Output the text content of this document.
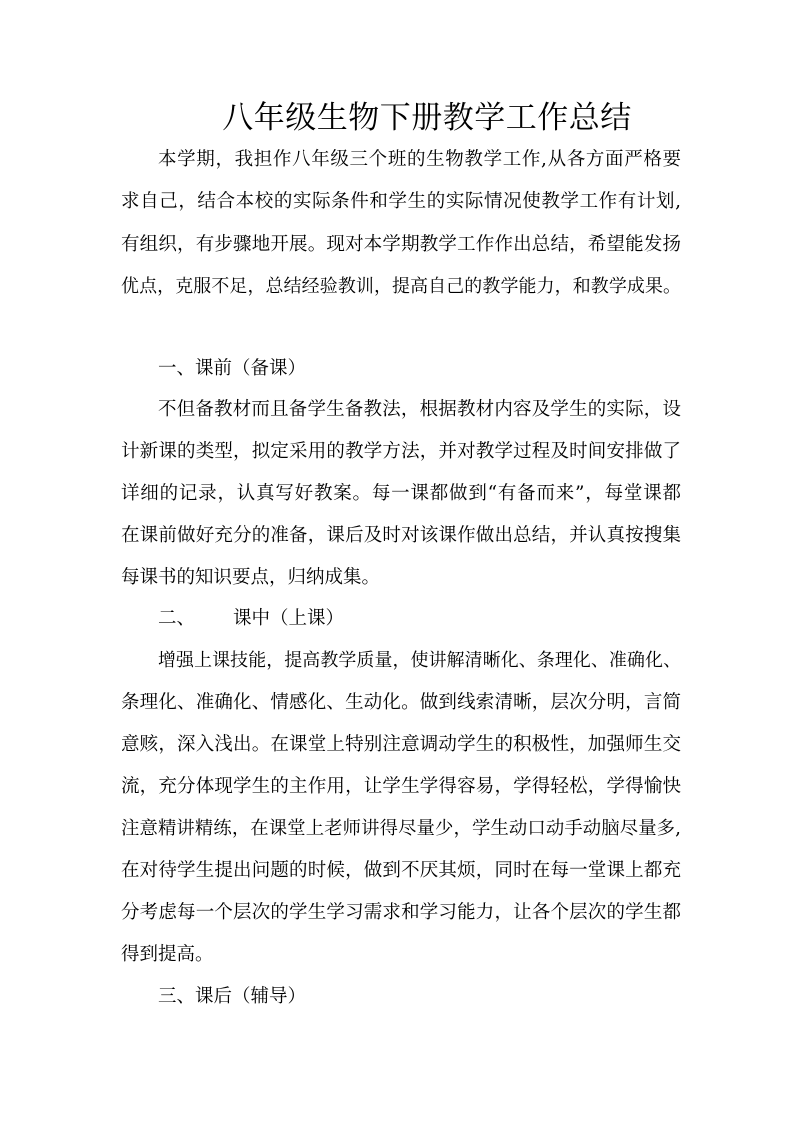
八年级生物下册教学工作总结
本学期，我担作八年级三个班的生物教学工作,从各方面严格要
求自己，结合本校的实际条件和学生的实际情况使教学工作有计划,
有组织，有步骤地开展。现对本学期教学工作作出总结，希望能发扬
优点，克服不足，总结经验教训，提高自己的教学能力，和教学成果。
一、课前（备课）
不但备教材而且备学生备教法，根据教材内容及学生的实际，设
计新课的类型，拟定采用的教学方法，并对教学过程及时间安排做了
详细的记录，认真写好教案。每一课都做到“有备而来”，每堂课都
在课前做好充分的准备，课后及时对该课作做出总结，并认真按搜集
每课书的知识要点，归纳成集。
二、 课中（上课）
增强上课技能，提高教学质量，使讲解清晰化、条理化、准确化、
条理化、准确化、情感化、生动化。做到线索清晰，层次分明，言简
意赅，深入浅出。在课堂上特别注意调动学生的积极性，加强师生交
流，充分体现学生的主作用，让学生学得容易，学得轻松，学得愉快
注意精讲精练，在课堂上老师讲得尽量少，学生动口动手动脑尽量多,
在对待学生提出问题的时候，做到不厌其烦，同时在每一堂课上都充
分考虑每一个层次的学生学习需求和学习能力，让各个层次的学生都
得到提高。
三、课后（辅导）
